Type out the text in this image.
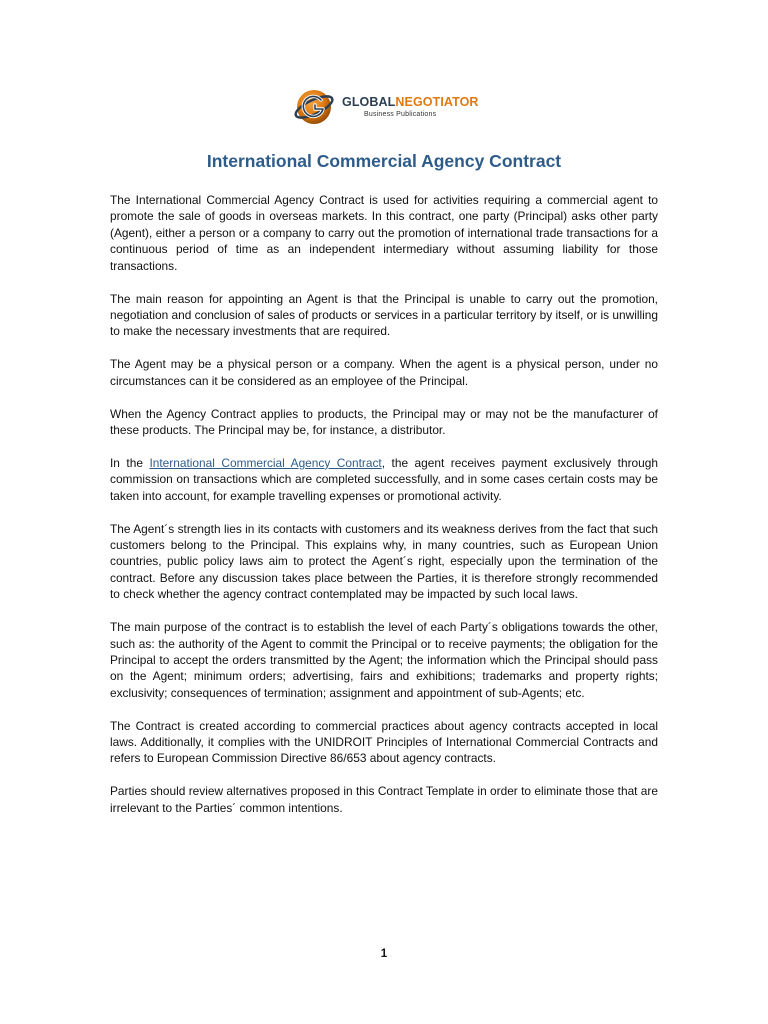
GLOBALNEGOTIATOR
Business Publications
International Commercial Agency Contract

The International Commercial Agency Contract is used for activities requiring a commercial agent to promote the sale of goods in overseas markets. In this contract, one party (Principal) asks other party (Agent), either a person or a company to carry out the promotion of international trade transactions for a continuous period of time as an independent intermediary without assuming liability for those transactions.

The main reason for appointing an Agent is that the Principal is unable to carry out the promotion, negotiation and conclusion of sales of products or services in a particular territory by itself, or is unwilling to make the necessary investments that are required.

The Agent may be a physical person or a company. When the agent is a physical person, under no circumstances can it be considered as an employee of the Principal.

When the Agency Contract applies to products, the Principal may or may not be the manufacturer of these products. The Principal may be, for instance, a distributor.

In the International Commercial Agency Contract, the agent receives payment exclusively through commission on transactions which are completed successfully, and in some cases certain costs may be taken into account, for example travelling expenses or promotional activity.

The Agent´s strength lies in its contacts with customers and its weakness derives from the fact that such customers belong to the Principal. This explains why, in many countries, such as European Union countries, public policy laws aim to protect the Agent´s right, especially upon the termination of the contract. Before any discussion takes place between the Parties, it is therefore strongly recommended to check whether the agency contract contemplated may be impacted by such local laws.

The main purpose of the contract is to establish the level of each Party´s obligations towards the other, such as: the authority of the Agent to commit the Principal or to receive payments; the obligation for the Principal to accept the orders transmitted by the Agent; the information which the Principal should pass on the Agent; minimum orders; advertising, fairs and exhibitions; trademarks and property rights; exclusivity; consequences of termination; assignment and appointment of sub-Agents; etc.

The Contract is created according to commercial practices about agency contracts accepted in local laws. Additionally, it complies with the UNIDROIT Principles of International Commercial Contracts and refers to European Commission Directive 86/653 about agency contracts.

Parties should review alternatives proposed in this Contract Template in order to eliminate those that are irrelevant to the Parties´ common intentions.

1
